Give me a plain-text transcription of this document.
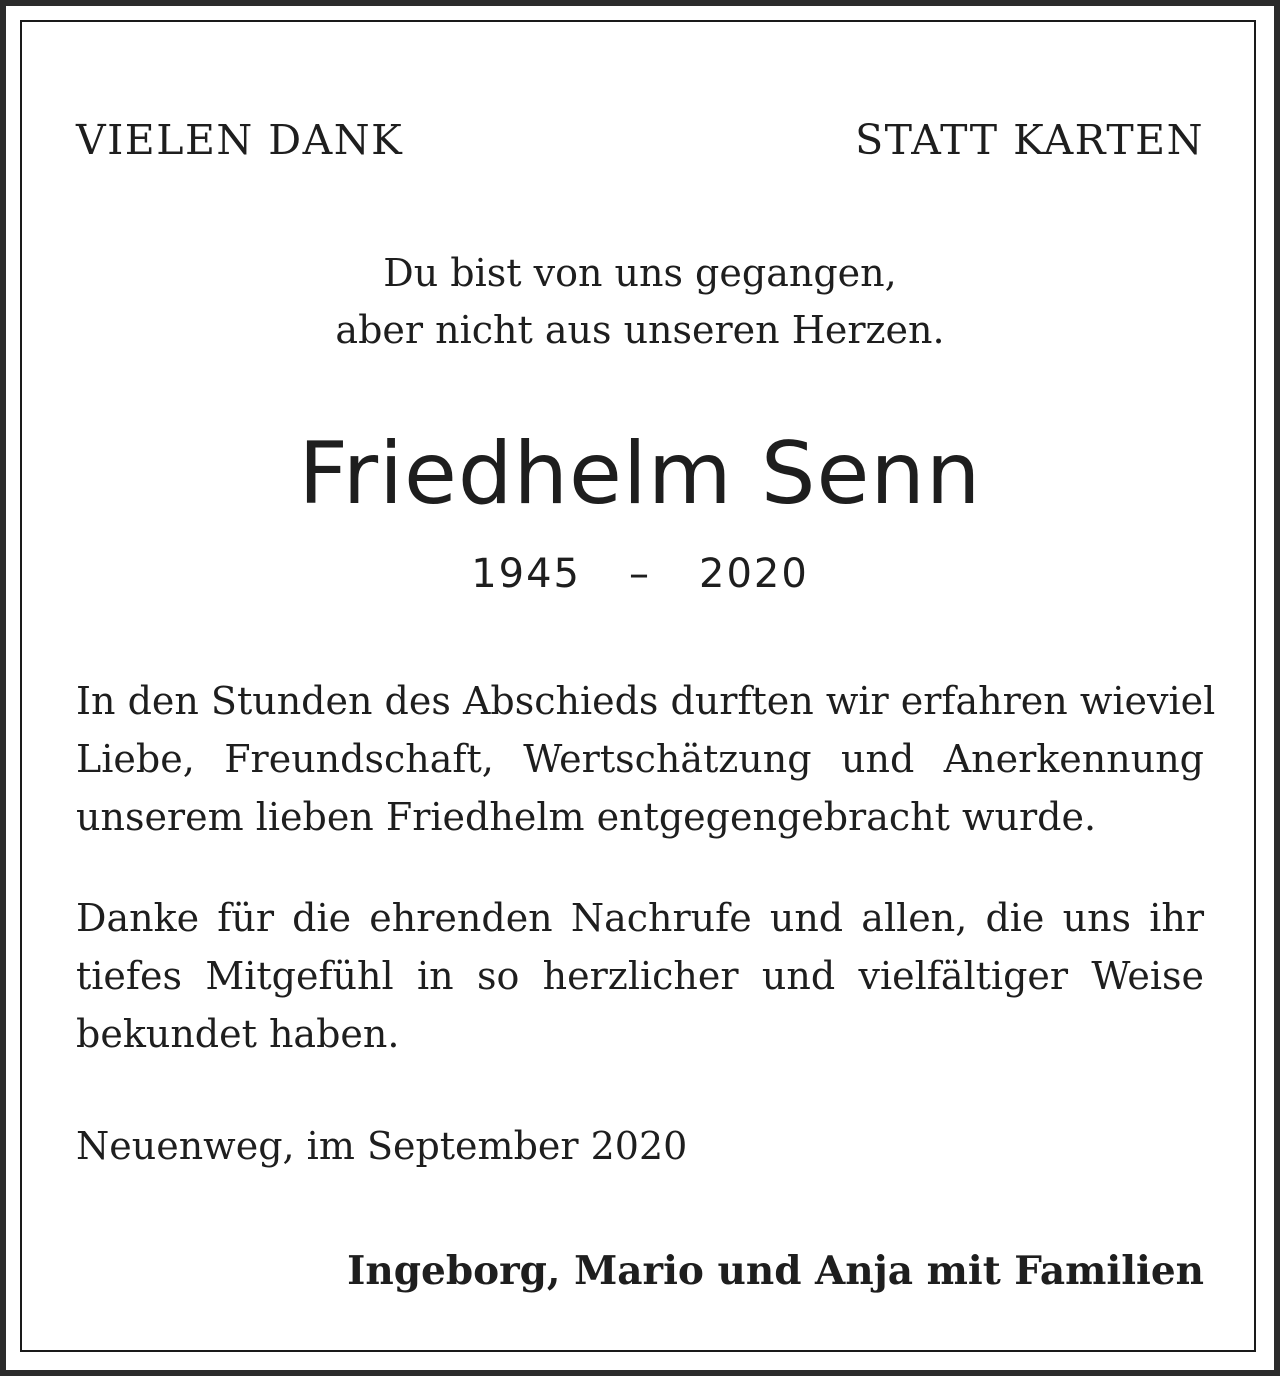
VIELEN DANK	STATT KARTEN
Du bist von uns gegangen,
aber nicht aus unseren Herzen.
Friedhelm Senn
1945 – 2020
In den Stunden des Abschieds durften wir erfahren wieviel
Liebe, Freundschaft, Wertschätzung und Anerkennung
unserem lieben Friedhelm entgegengebracht wurde.
Danke für die ehrenden Nachrufe und allen, die uns ihr
tiefes Mitgefühl in so herzlicher und vielfältiger Weise
bekundet haben.
Neuenweg, im September 2020
Ingeborg, Mario und Anja mit Familien
